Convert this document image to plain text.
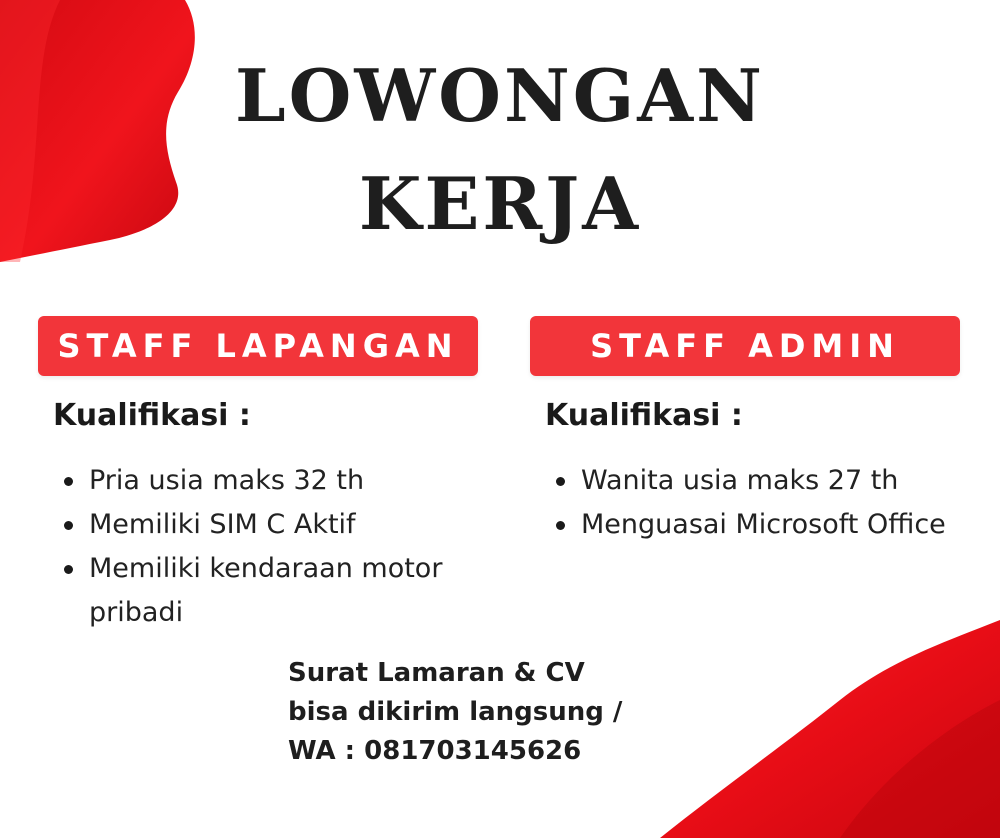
LOWONGAN
KERJA
STAFF LAPANGAN
Kualifikasi :
Pria usia maks 32 th
Memiliki SIM C Aktif
Memiliki kendaraan motor pribadi
STAFF ADMIN
Kualifikasi :
Wanita usia maks 27 th
Menguasai Microsoft Office
Surat Lamaran & CV
bisa dikirim langsung /
WA : 081703145626
